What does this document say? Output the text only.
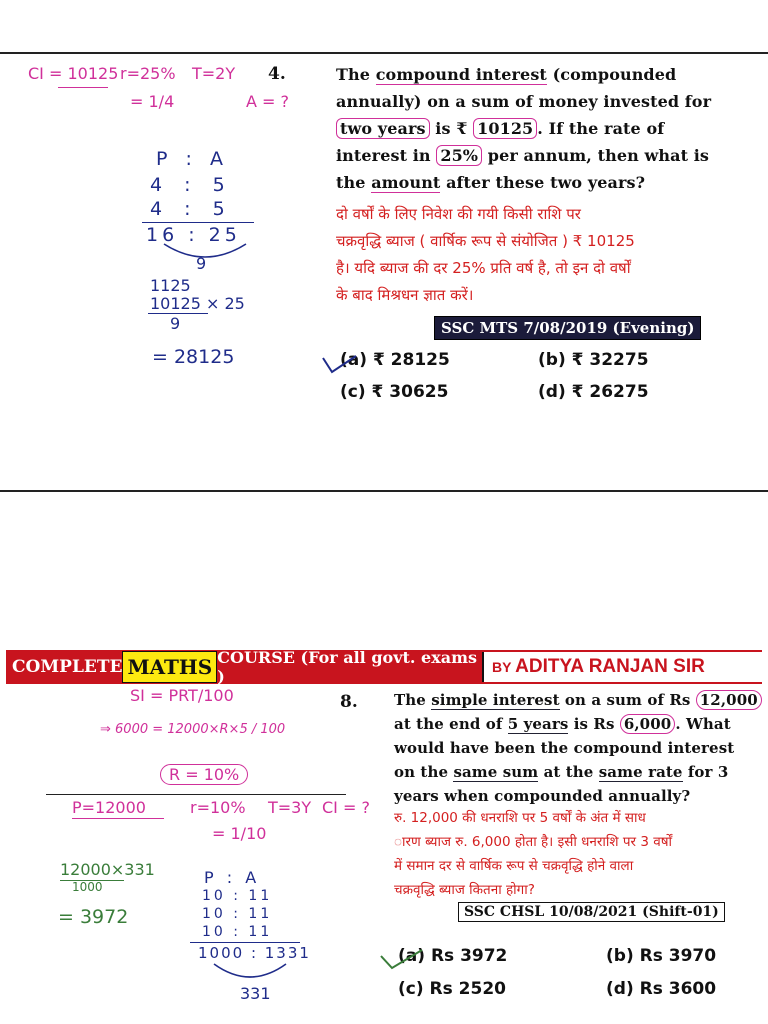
CI = 10125 r=25% T=2Y
= 1/4	A = ?
P : A
4 : 5
4 : 5
16 : 25
9
1125
10125 × 25
9
= 28125
4.	The compound interest (compounded
annually) on a sum of money invested for
two years is ₹ 10125 . If the rate of
interest in 25% per annum, then what is
the amount after these two years?
दो वर्षों के लिए निवेश की गयी किसी राशि पर
चक्रवृद्धि ब्याज ( वार्षिक रूप से संयोजित ) ₹ 10125
है। यदि ब्याज की दर 25% प्रति वर्ष है, तो इन दो वर्षों
के बाद मिश्रधन ज्ञात करें।
SSC MTS 7/08/2019 (Evening)
(a) ₹ 28125	(b) ₹ 32275
(c) ₹ 30625	(d) ₹ 26275
COMPLETE MATHS COURSE (For all govt. exams )	BY ADITYA RANJAN SIR
SI = PRT/100
⇒ 6000 = 12000×R×5 / 100
R = 10%
P=12000	r=10% T=3Y CI = ?
= 1/10
12000×331
1000
= 3972
P : A
10 : 11
10 : 11
10 : 11
1000 : 1331
331
8. The simple interest on a sum of Rs 12,000
at the end of 5 years is Rs 6,000 . What
would have been the compound interest
on the same sum at the same rate for 3
years when compounded annually?
रु. 12,000 की धनराशि पर 5 वर्षों के अंत में साध
ारण ब्याज रु. 6,000 होता है। इसी धनराशि पर 3 वर्षों
में समान दर से वार्षिक रूप से चक्रवृद्धि होने वाला
चक्रवृद्धि ब्याज कितना होगा?
SSC CHSL 10/08/2021 (Shift-01)
(a) Rs 3972	(b) Rs 3970
(c) Rs 2520	(d) Rs 3600
